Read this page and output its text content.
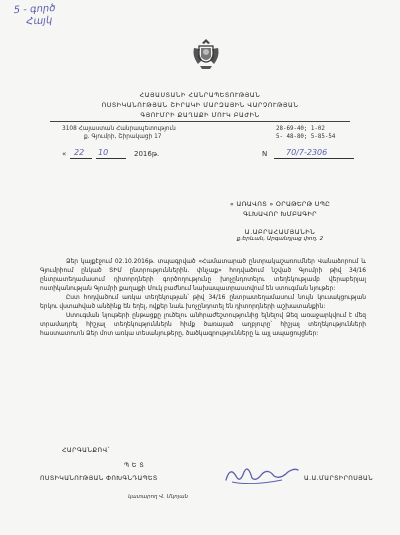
5 - գործ
Հայկ
ՀԱՅԱՍՏԱՆԻ ՀԱՆՐԱՊԵՏՈՒԹՅԱՆ
ՈՍՏԻԿԱՆՈՒԹՅԱՆ ՇԻՐԱԿԻ ՄԱՐԶԱՅԻՆ ՎԱՐՉՈՒԹՅԱՆ
ԳՅՈՒՄՐԻ ՔԱՂԱՔԻ ՄՈՒԿ ԲԱԺԻՆ
3108 Հայաստան Հանրապետություն
ք. Գյումրի, Շիրակացի 17
28-69-40; 1-02
5- 48-80; 5-85-54
« 22 10	2016թ.	N 70/7-2306
« ԱՌԱՎՈՏ » ՕՐԱԹԵՐԹ ՍՊԸ
ԳԼԽԱՎՈՐ ԽՄԲԱԳԻՐ
Ա.ԱԲՐԱՀԱՄՅԱՆԻՆ
ք.Երևան, Արգանդյաց փող. 2

Ձեր կայքէջում 02.10.2016թ. տպագրված «Համատարած ընտրակաշառումներ Վանաձորում և Գյումրիում ընկած ՏԻՄ ընտրություններին. փնչաք» հոդվածում նշված Գյումրի թիվ 34/16 ընտրատեղամասում դիտորդների գործողությունը խոչընդոտելու տեղեկությամբ վերաբերյալ ոստիկանության Գյումրի քաղաքի Մուկ բաժնում նախապատրաստվում են ստուգման նյութեր:

Ըստ հոդվածում առկա տեղեկության՝ թիվ 34/16 ընտրատեղամասում նույն կուսակցության երկու վստահված անձինք են եղել, ովքեր նաև խոչընդոտել են դիտորդների աշխատանքին:

Ստուգման նյութերի ընթացքը լուծելու անհրաժեշտությունից ելնելով Ձեզ առաջարկվում է մեզ տրամադրել հիշյալ տեղեկություններն հիմք ծառայած աղբյուրը՝ հիշյալ տեղեկությունների հաստատուոն Ձեր մոտ առկա տեսանյութերը, ծածկագրությունները և այլ ապացույցներ:

ՀԱՐԳԱՆՔՈՎ՝
Պ Ե Տ
ՈՍՏԻԿԱՆՈՒԹՅԱՆ ՓՈԽԳՆԴԱՊԵՏ	Ա.Ա.ՄԱՐՏԻՐՈՍՅԱՆ
կատարող Վ. Մկոյան
